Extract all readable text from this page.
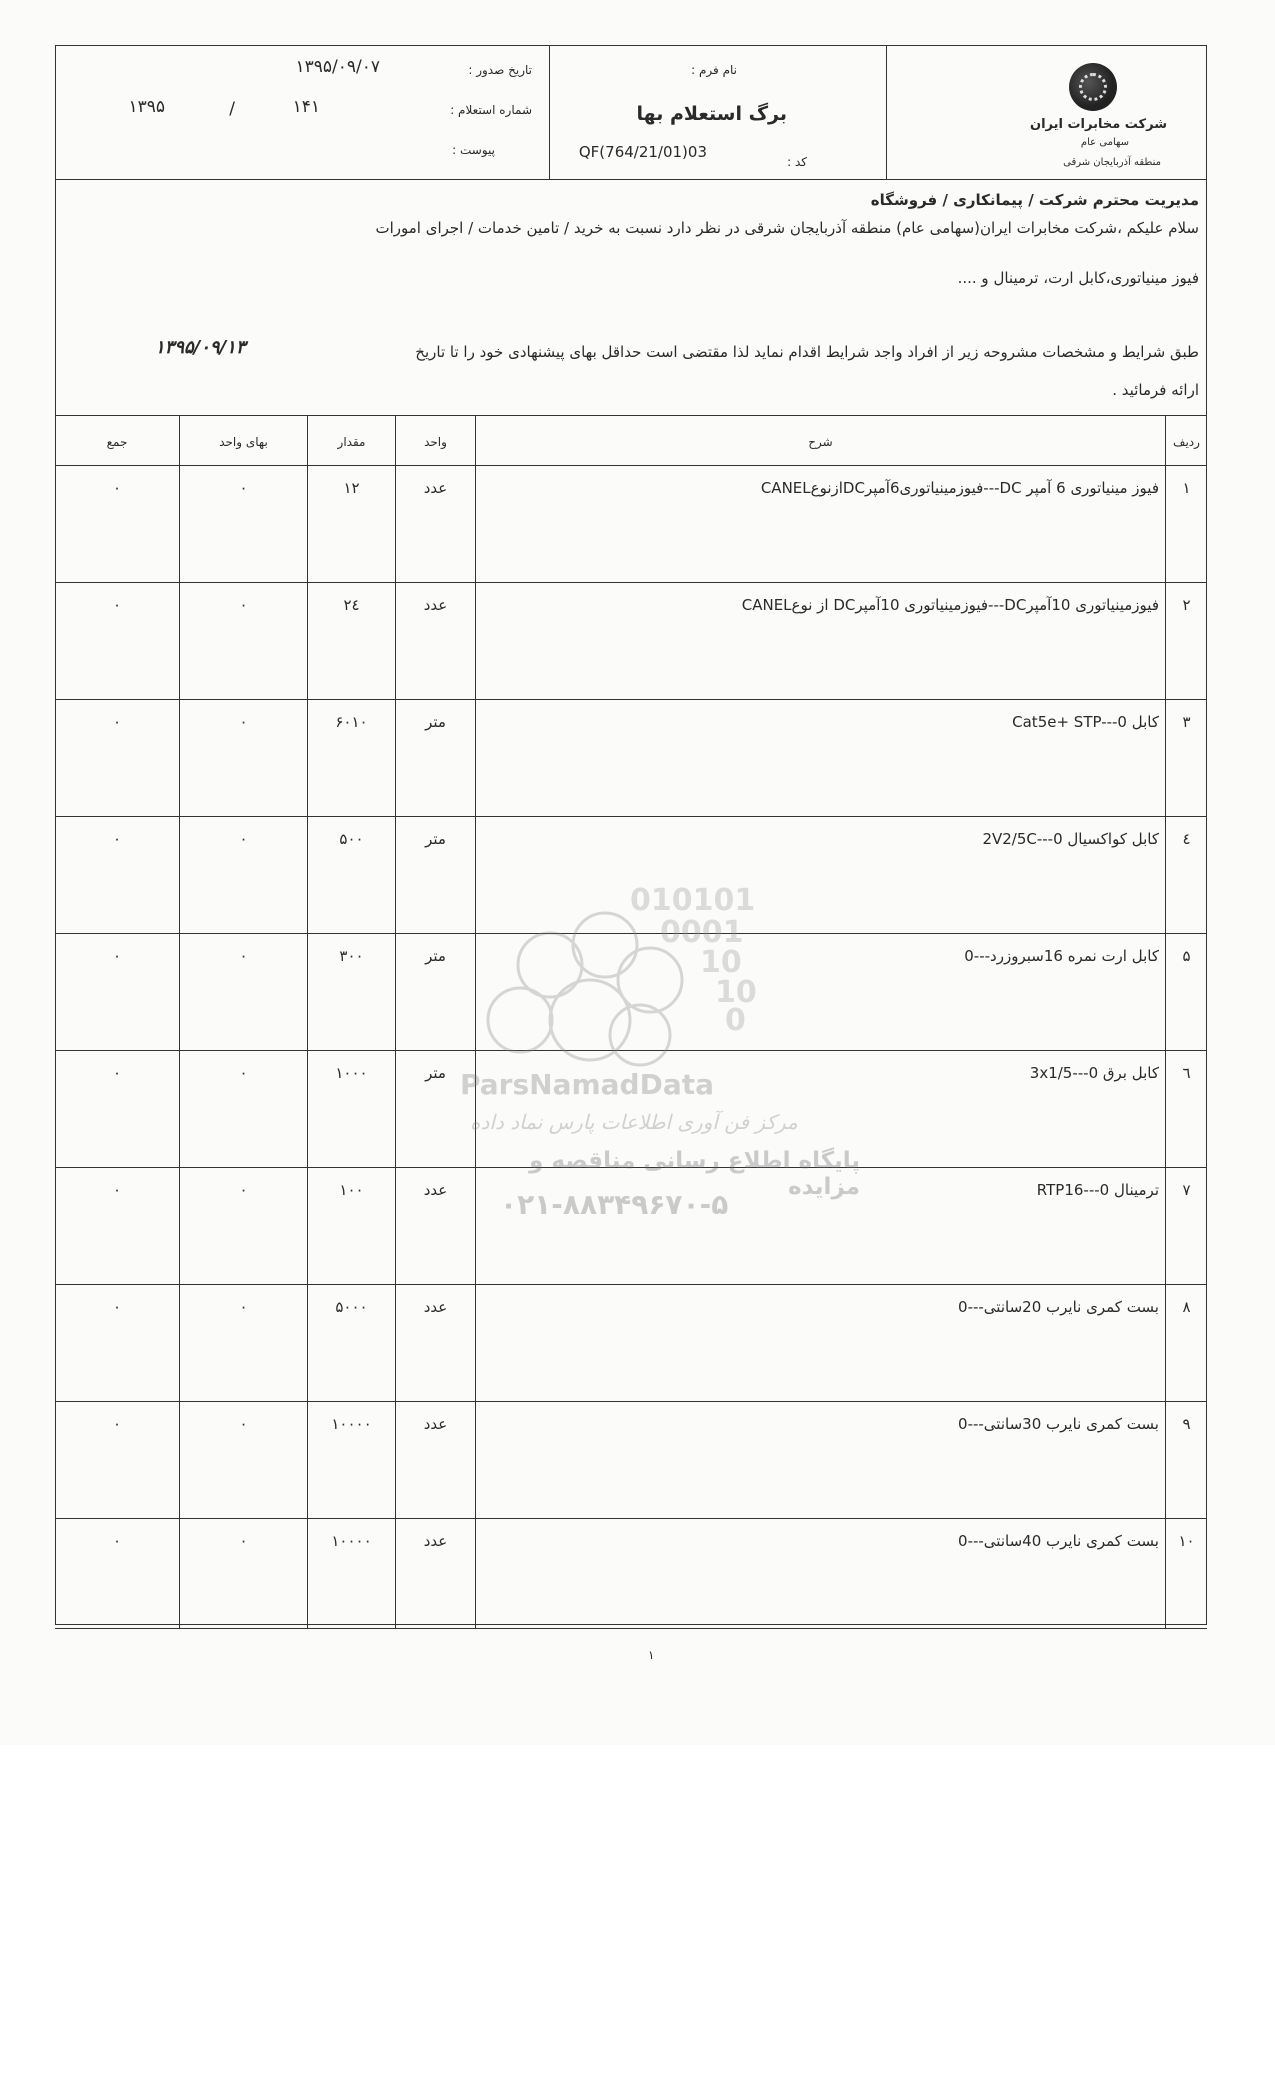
شرکت مخابرات ایران
سهامی عام
منطقه آذربایجان شرقی
نام فرم :
برگ استعلام بها
کد :
QF(764/21/01)03
تاریخ صدور :
۱۳۹۵/۰۹/۰۷
شماره استعلام :
۱۴۱
/
۱۳۹۵
پیوست :
مدیریت محترم شرکت / پیمانکاری / فروشگاه
سلام علیکم ،شرکت مخابرات ایران(سهامی عام) منطقه آذربایجان شرقی در نظر دارد نسبت به خرید / تامین خدمات / اجرای امورات
فیوز مینیاتوری،کابل ارت، ترمینال و ....
طبق شرایط و مشخصات مشروحه زیر از افراد واجد شرایط اقدام نماید لذا مقتضی است حداقل بهای پیشنهادی خود را تا تاریخ
۱۳۹۵/۰۹/۱۳
ارائه فرمائید .
ردیف
شرح
واحد
مقدار
بهای واحد
جمع
۱
فیوز مینیاتوری 6 آمپر DC---فیوزمینیاتوری6آمپرDCازنوعCANEL
عدد
۱۲
۰
۰
۲
فیوزمینیاتوری 10آمپرDC---فیوزمینیاتوری 10آمپرDC از نوعCANEL
عدد
۲٤
۰
۰
۳
کابل Cat5e+ STP---0
متر
۶۰۱۰
۰
۰
٤
کابل کواکسیال 2V2/5C---0
متر
۵۰۰
۰
۰
۵
کابل ارت نمره 16سبروزرد---0
متر
۳۰۰
۰
۰
٦
کابل برق 3x1/5---0
متر
۱۰۰۰
۰
۰
۷
ترمینال RTP16---0
عدد
۱۰۰
۰
۰
۸
بست کمری نایرب 20سانتی---0
عدد
۵۰۰۰
۰
۰
۹
بست کمری نایرب 30سانتی---0
عدد
۱۰۰۰۰
۰
۰
۱۰
بست کمری نایرب 40سانتی---0
عدد
۱۰۰۰۰
۰
۰
۱
010101
0001
10
10
0
ParsNamadData
مرکز فن آوری اطلاعات پارس نماد داده
پایگاه اطلاع رسانی مناقصه و مزایده
۰۲۱-۸۸۳۴۹۶۷۰-۵
